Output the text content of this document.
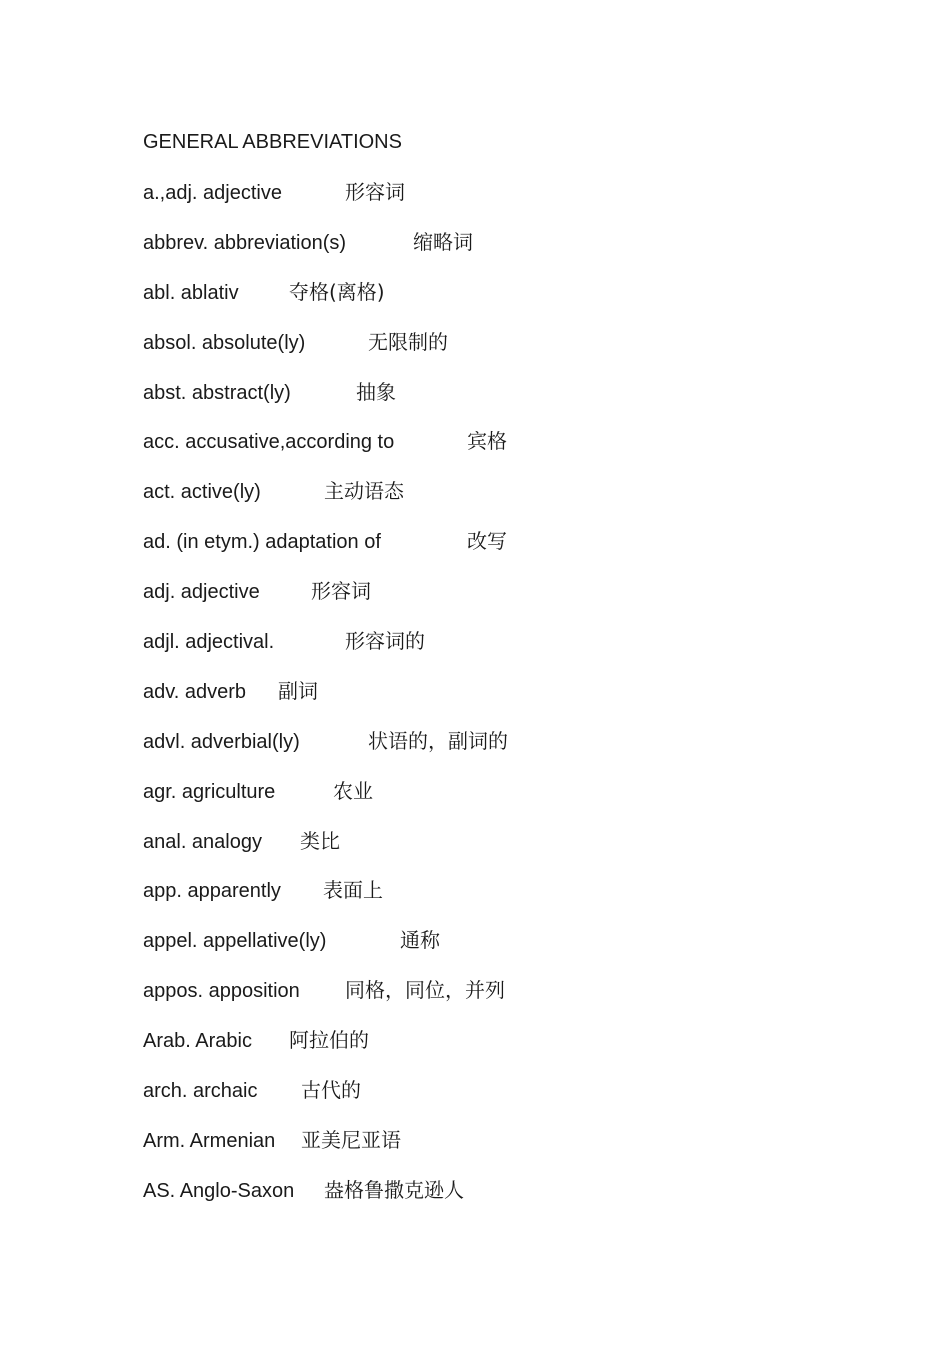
GENERAL ABBREVIATIONS
a.,adj. adjective	形容词
abbrev. abbreviation(s)	缩略词
abl. ablativ	夺格(离格)
absol. absolute(ly)	无限制的
abst. abstract(ly)	抽象
acc. accusative,according to	宾格
act. active(ly)	主动语态
ad. (in etym.) adaptation of	改写
adj. adjective	形容词
adjl. adjectival.	形容词的
adv. adverb 副词
advl. adverbial(ly)	状语的，副词的
agr. agriculture	农业
anal. analogy 类比
app. apparently 表面上
appel. appellative(ly)	通称
appos. apposition 同格，同位，并列
Arab. Arabic 阿拉伯的
arch. archaic 古代的
Arm. Armenian 亚美尼亚语
AS. Anglo-Saxon 盎格鲁撒克逊人
